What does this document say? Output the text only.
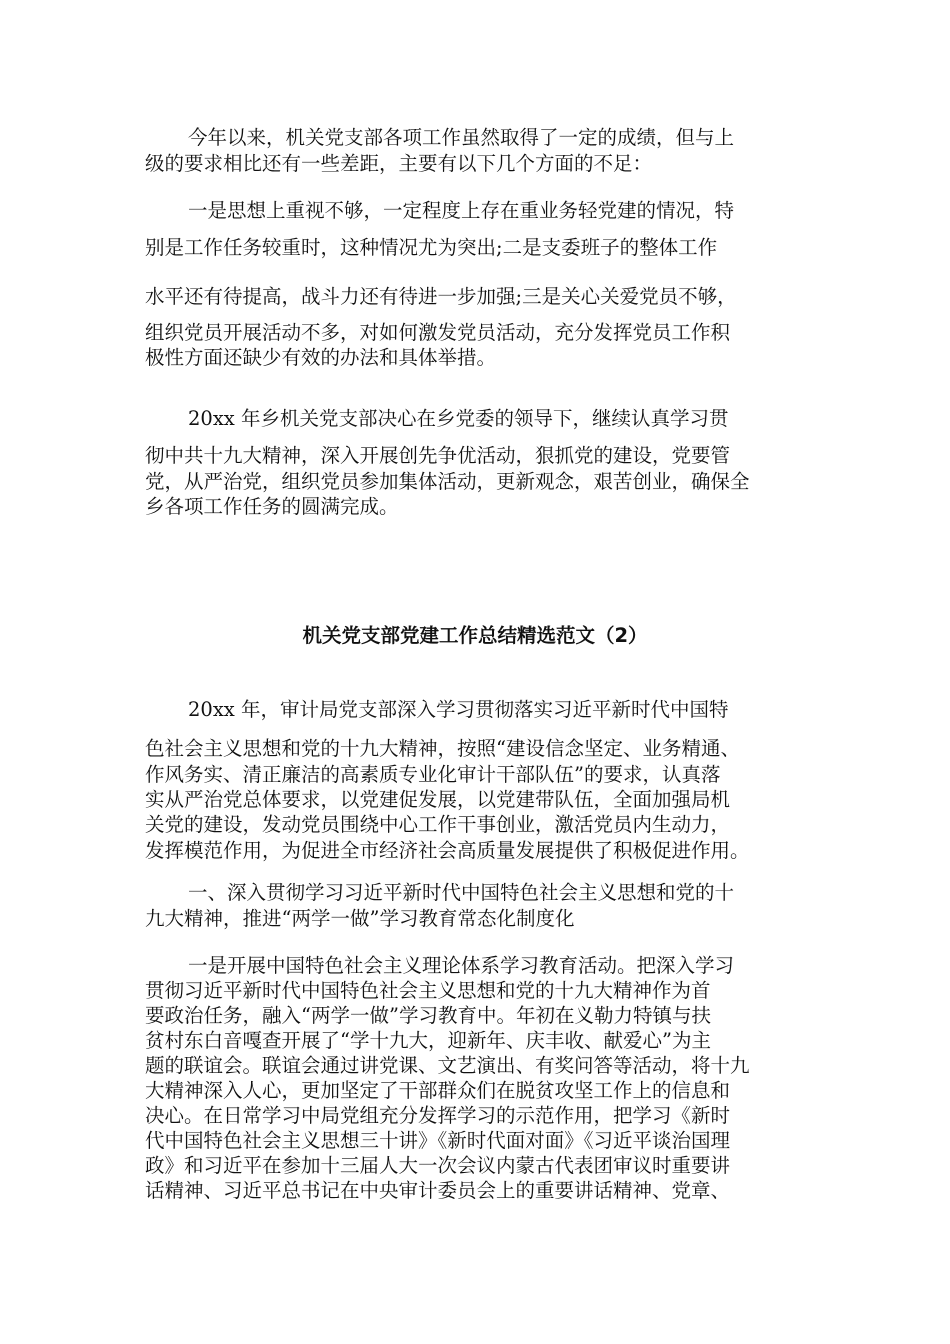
今年以来，机关党支部各项工作虽然取得了一定的成绩，但与上
级的要求相比还有一些差距，主要有以下几个方面的不足：
一是思想上重视不够，一定程度上存在重业务轻党建的情况，特
别是工作任务较重时，这种情况尤为突出;二是支委班子的整体工作
水平还有待提高，战斗力还有待进一步加强;三是关心关爱党员不够，
组织党员开展活动不多，对如何激发党员活动，充分发挥党员工作积
极性方面还缺少有效的办法和具体举措。
20xx 年乡机关党支部决心在乡党委的领导下，继续认真学习贯
彻中共十九大精神，深入开展创先争优活动，狠抓党的建设，党要管
党，从严治党，组织党员参加集体活动，更新观念，艰苦创业，确保全
乡各项工作任务的圆满完成。
机关党支部党建工作总结精选范文（2）
20xx 年，审计局党支部深入学习贯彻落实习近平新时代中国特
色社会主义思想和党的十九大精神，按照“建设信念坚定、业务精通、
作风务实、清正廉洁的高素质专业化审计干部队伍”的要求，认真落
实从严治党总体要求，以党建促发展，以党建带队伍，全面加强局机
关党的建设，发动党员围绕中心工作干事创业，激活党员内生动力，
发挥模范作用，为促进全市经济社会高质量发展提供了积极促进作用。
一、深入贯彻学习习近平新时代中国特色社会主义思想和党的十
九大精神，推进“两学一做”学习教育常态化制度化
一是开展中国特色社会主义理论体系学习教育活动。把深入学习
贯彻习近平新时代中国特色社会主义思想和党的十九大精神作为首
要政治任务，融入“两学一做”学习教育中。年初在义勒力特镇与扶
贫村东白音嘎查开展了“学十九大，迎新年、庆丰收、献爱心”为主
题的联谊会。联谊会通过讲党课、文艺演出、有奖问答等活动，将十九
大精神深入人心，更加坚定了干部群众们在脱贫攻坚工作上的信息和
决心。在日常学习中局党组充分发挥学习的示范作用，把学习《新时
代中国特色社会主义思想三十讲》《新时代面对面》《习近平谈治国理
政》和习近平在参加十三届人大一次会议内蒙古代表团审议时重要讲
话精神、习近平总书记在中央审计委员会上的重要讲话精神、党章、
